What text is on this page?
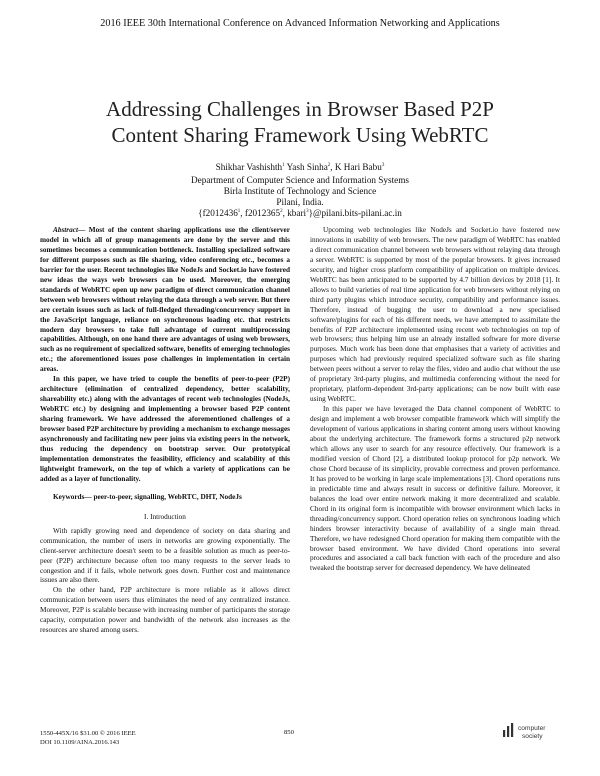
2016 IEEE 30th International Conference on Advanced Information Networking and Applications
Addressing Challenges in Browser Based P2P
Content Sharing Framework Using WebRTC
Shikhar Vashishth$^1$ Yash Sinha$^2$, K Hari Babu$^3$
Department of Computer Science and Information Systems
Birla Institute of Technology and Science
Pilani, India.
{f2012436$^1$, f2012365$^2$, kbari$^3$}@pilani.bits-pilani.ac.in

Abstract— Most of the content sharing applications use the client/server model in which all of group managements are done by the server and this sometimes becomes a communication bottleneck. Installing specialized software for different purposes such as file sharing, video conferencing etc., becomes a barrier for the user. Recent technologies like NodeJs and Socket.io have fostered new ideas the ways web browsers can be used. Moreover, the emerging standards of WebRTC open up new paradigm of direct communication channel between web browsers without relaying the data through a web server. But there are certain issues such as lack of full-fledged threading/concurrency support in the JavaScript language, reliance on synchronous loading etc. that restricts modern day browsers to take full advantage of current multiprocessing capabilities. Although, on one hand there are advantages of using web browsers, such as no requirement of specialized software, benefits of emerging technologies etc.; the aforementioned issues pose challenges in implementation in certain areas.

In this paper, we have tried to couple the benefits of peer-to-peer (P2P) architecture (elimination of centralized dependency, better scalability, shareability etc.) along with the advantages of recent web technologies (NodeJs, WebRTC etc.) by designing and implementing a browser based P2P content sharing framework. We have addressed the aforementioned challenges of a browser based P2P architecture by providing a mechanism to exchange messages asynchronously and facilitating new peer joins via existing peers in the network, thus reducing the dependency on bootstrap server. Our prototypical implementation demonstrates the feasibility, efficiency and scalability of this lightweight framework, on the top of which a variety of applications can be added as a layer of functionality.

Keywords— peer-to-peer, signalling, WebRTC, DHT, NodeJs

I. Introduction

With rapidly growing need and dependence of society on data sharing and communication, the number of users in networks are growing exponentially. The client-server architecture doesn't seem to be a feasible solution as much as peer-to-peer (P2P) architecture because often too many requests to the server leads to congestion and if it fails, whole network goes down. Further cost and maintenance issues are also there.

On the other hand, P2P architecture is more reliable as it allows direct communication between users thus eliminates the need of any centralized instance. Moreover, P2P is scalable because with increasing number of participants the storage capacity, computation power and bandwidth of the network also increases as the resources are shared among users.

Upcoming web technologies like NodeJs and Socket.io have fostered new innovations in usability of web browsers. The new paradigm of WebRTC has enabled a direct communication channel between web browsers without relaying data through a server. WebRTC is supported by most of the popular browsers. It gives increased security, and higher cross platform compatibility of application on multiple devices. WebRTC has been anticipated to be supported by 4.7 billion devices by 2018 [1]. It allows to build varieties of real time application for web browsers without relying on third party plugins which introduce security, compatibility and performance issues. Therefore, instead of bugging the user to download a new specialised software/plugins for each of his different needs, we have attempted to assimilate the benefits of P2P architecture implemented using recent web technologies on top of web browsers; thus helping him use an already installed software for more diverse purposes. Much work has been done that emphasises that a variety of activities and purposes which had previously required specialized software such as file sharing between peers without a server to relay the files, video and audio chat without the use of proprietary 3rd-party plugins, and multimedia conferencing without the need for proprietary, platform-dependent 3rd-party applications; can be now built with ease using WebRTC.

In this paper we have leveraged the Data channel component of WebRTC to design and implement a web browser compatible framework which will simplify the development of various applications in sharing content among users without knowing about the underlying architecture. The framework forms a structured p2p network which allows any user to search for any resource effectively. Our framework is a modified version of Chord [2], a distributed lookup protocol for p2p network. We chose Chord because of its simplicity, provable correctness and proven performance. It has proved to be working in large scale implementations [3]. Chord operations runs in predictable time and always result in success or definitive failure. Moreover, it balances the load over entire network making it more decentralized and scalable. Chord in its original form is incompatible with browser environment which lacks in threading/concurrency support. Chord operation relies on synchronous loading which hinders browser interactivity because of availability of a single main thread. Therefore, we have redesigned Chord operation for making them compatible with the browser based environment. We have divided Chord operations into several procedures and associated a call back function with each of the procedure and also tweaked the bootstrap server for decreased dependency. We have delineated

1550-445X/16 $31.00 © 2016 IEEE
DOI 10.1109/AINA.2016.143
850
computer
society
